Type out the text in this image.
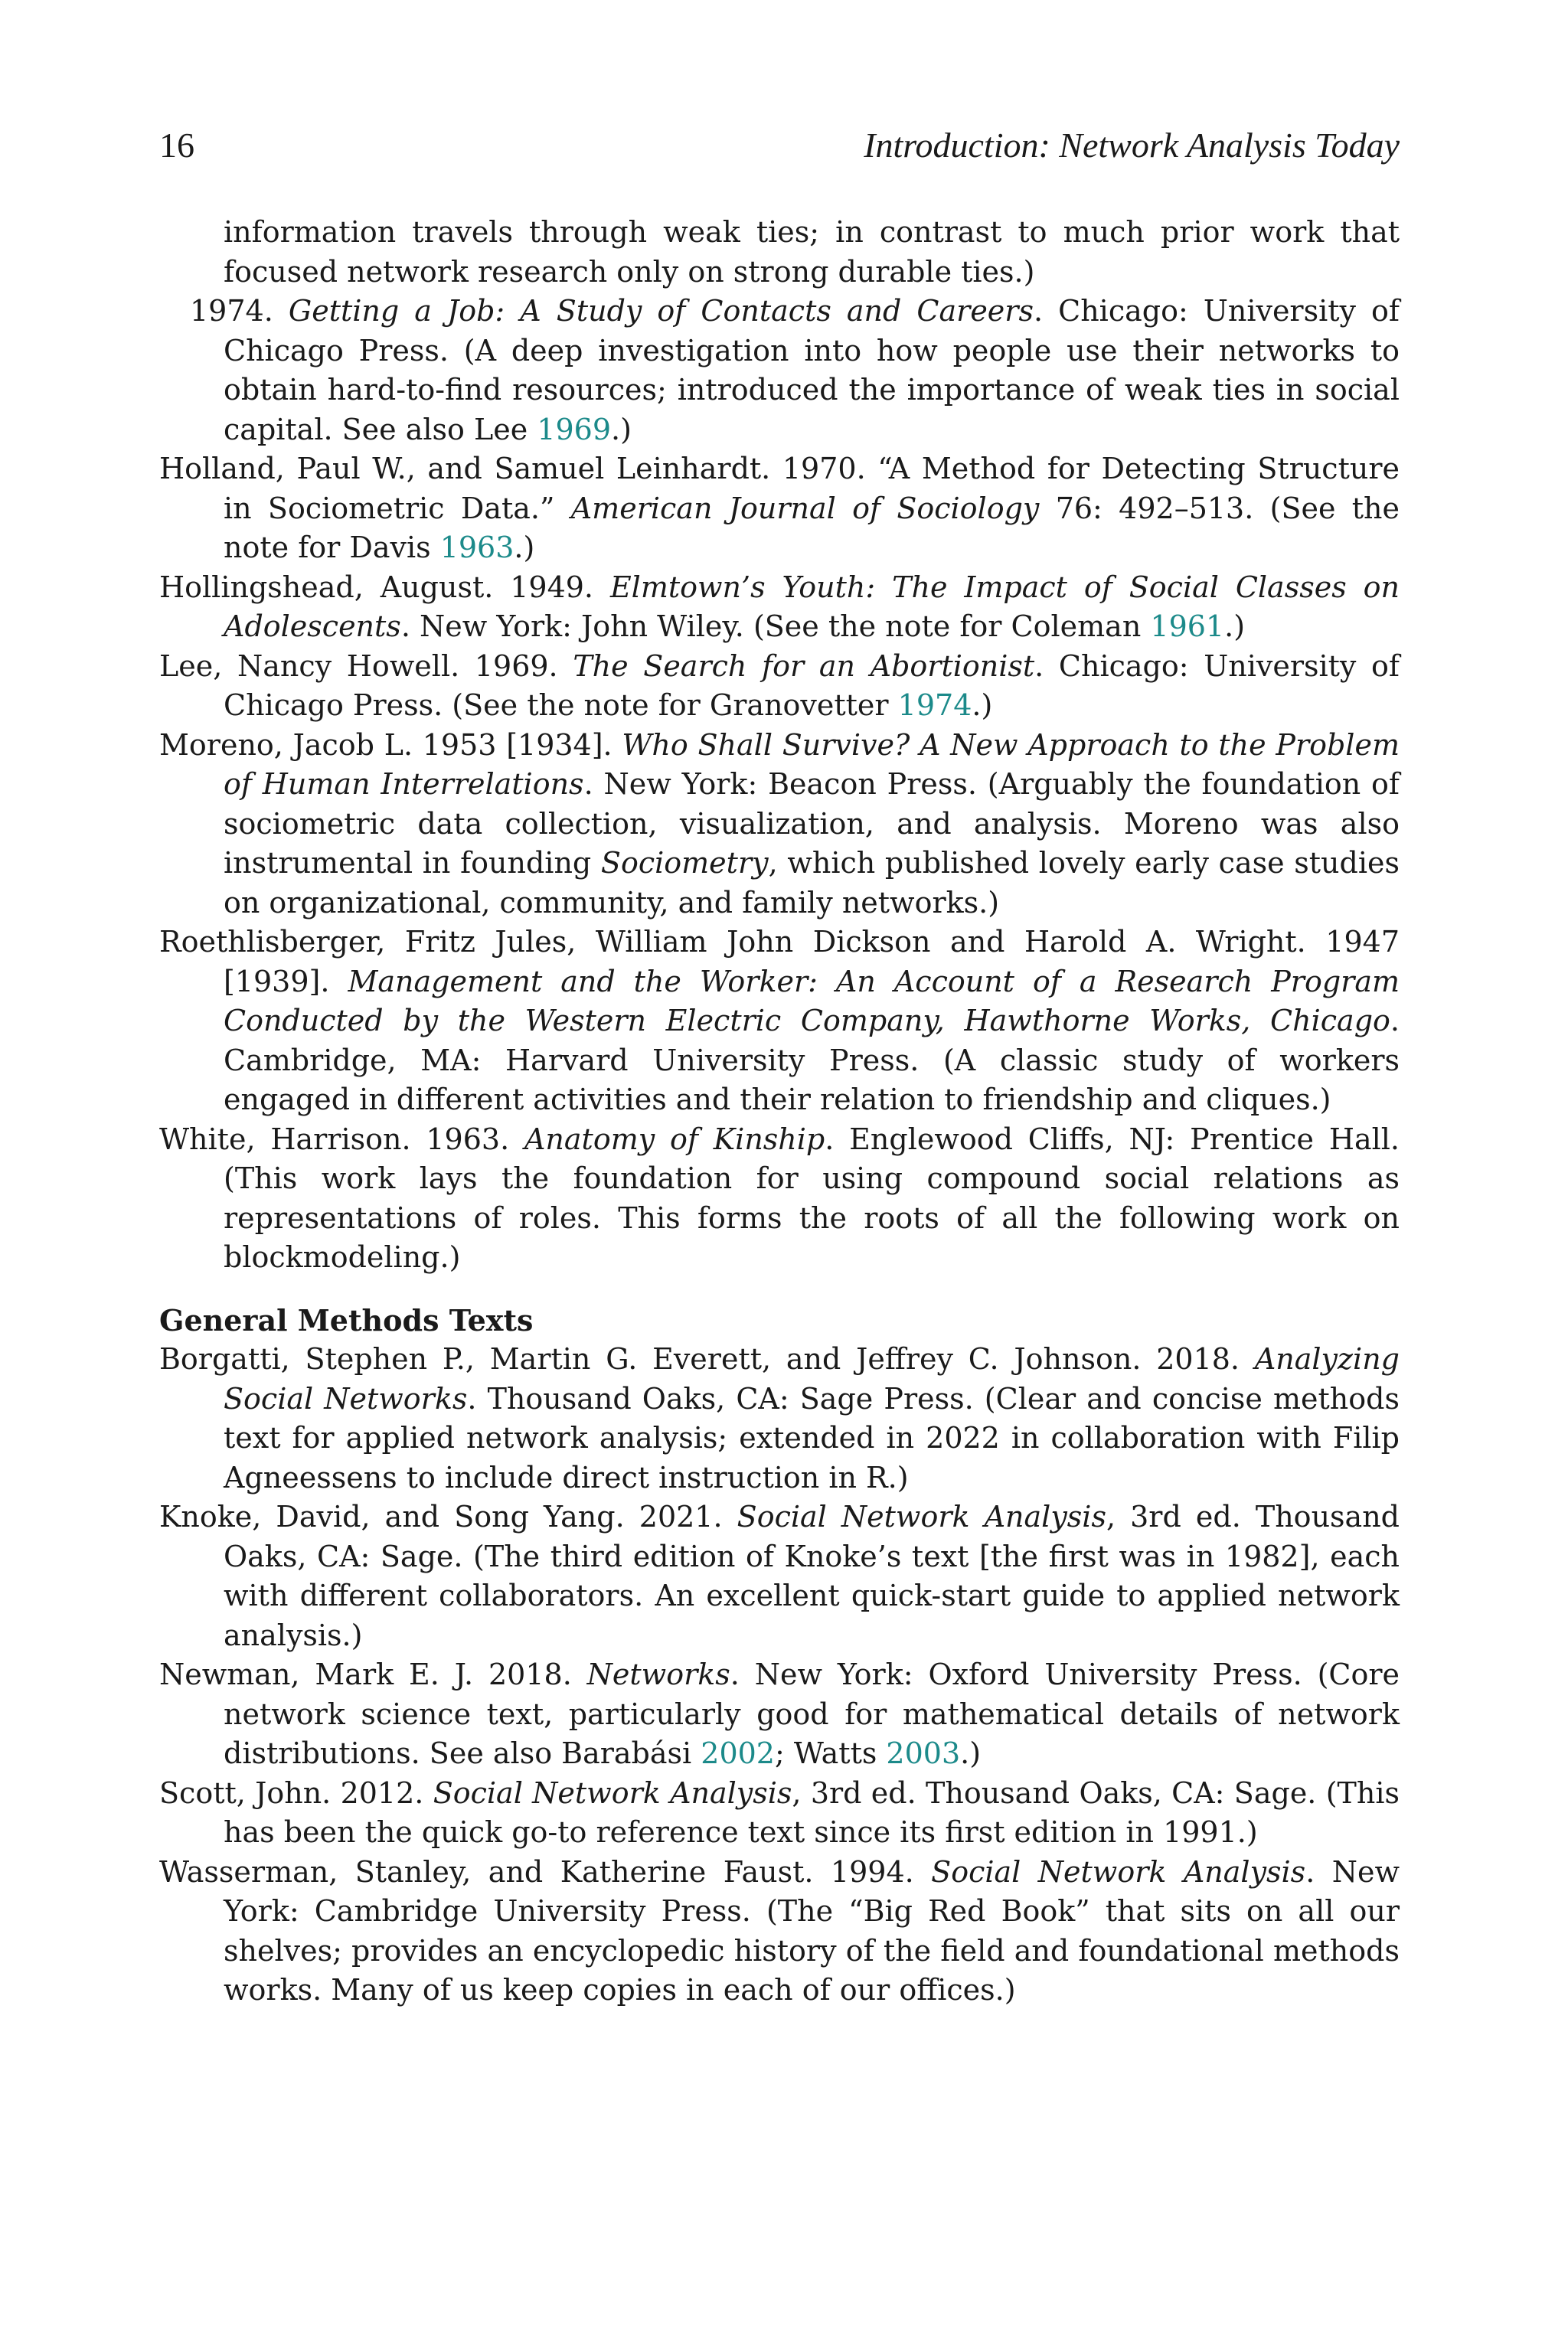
16	Introduction: Network Analysis Today

information travels through weak ties; in contrast to much prior work that focused network research only on strong durable ties.)

1974. Getting a Job: A Study of Contacts and Careers. Chicago: University of Chicago Press. (A deep investigation into how people use their networks to obtain hard-to-find resources; introduced the importance of weak ties in social capital. See also Lee 1969.)

Holland, Paul W., and Samuel Leinhardt. 1970. “A Method for Detecting Structure in Sociometric Data.” American Journal of Sociology 76: 492–513. (See the note for Davis 1963.)

Hollingshead, August. 1949. Elmtown’s Youth: The Impact of Social Classes on Adolescents. New York: John Wiley. (See the note for Coleman 1961.)

Lee, Nancy Howell. 1969. The Search for an Abortionist. Chicago: University of Chicago Press. (See the note for Granovetter 1974.)

Moreno, Jacob L. 1953 [1934]. Who Shall Survive? A New Approach to the Problem of Human Interrelations. New York: Beacon Press. (Arguably the foundation of sociometric data collection, visualization, and analysis. Moreno was also instrumental in founding Sociometry, which published lovely early case studies on organizational, community, and family networks.)

Roethlisberger, Fritz Jules, William John Dickson and Harold A. Wright. 1947 [1939]. Management and the Worker: An Account of a Research Program Conducted by the Western Electric Company, Hawthorne Works, Chicago. Cambridge, MA: Harvard University Press. (A classic study of workers engaged in different activities and their relation to friendship and cliques.)

White, Harrison. 1963. Anatomy of Kinship. Englewood Cliffs, NJ: Prentice Hall. (This work lays the foundation for using compound social relations as representations of roles. This forms the roots of all the following work on blockmodeling.)

General Methods Texts

Borgatti, Stephen P., Martin G. Everett, and Jeffrey C. Johnson. 2018. Analyzing Social Networks. Thousand Oaks, CA: Sage Press. (Clear and concise methods text for applied network analysis; extended in 2022 in collaboration with Filip Agneessens to include direct instruction in R.)

Knoke, David, and Song Yang. 2021. Social Network Analysis, 3rd ed. Thousand Oaks, CA: Sage. (The third edition of Knoke’s text [the first was in 1982], each with different collaborators. An excellent quick-start guide to applied network analysis.)

Newman, Mark E. J. 2018. Networks. New York: Oxford University Press. (Core network science text, particularly good for mathematical details of network distributions. See also Barabási 2002; Watts 2003.)

Scott, John. 2012. Social Network Analysis, 3rd ed. Thousand Oaks, CA: Sage. (This has been the quick go-to reference text since its first edition in 1991.)

Wasserman, Stanley, and Katherine Faust. 1994. Social Network Analysis. New York: Cambridge University Press. (The “Big Red Book” that sits on all our shelves; provides an encyclopedic history of the field and foundational methods works. Many of us keep copies in each of our offices.)
